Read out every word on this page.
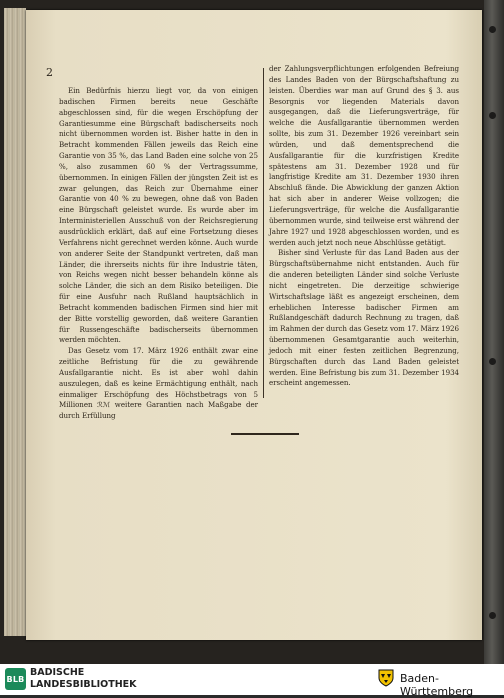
2

Ein Bedürfnis hierzu liegt vor, da von einigen badischen Firmen bereits neue Geschäfte abgeschlossen sind, für die wegen Erschöpfung der Garantiesumme eine Bürgschaft badischerseits noch nicht übernommen worden ist. Bisher hatte in den in Betracht kommenden Fällen jeweils das Reich eine Garantie von 35 %, das Land Baden eine solche von 25 %, also zusammen 60 % der Vertragssumme, übernommen. In einigen Fällen der jüngsten Zeit ist es zwar gelungen, das Reich zur Übernahme einer Garantie von 40 % zu bewegen, ohne daß von Baden eine Bürgschaft geleistet wurde. Es wurde aber im Interministeriellen Ausschuß von der Reichsregierung ausdrücklich erklärt, daß auf eine Fortsetzung dieses Verfahrens nicht gerechnet werden könne. Auch wurde von anderer Seite der Standpunkt vertreten, daß man Länder, die ihrerseits nichts für ihre Industrie täten, von Reichs wegen nicht besser behandeln könne als solche Länder, die sich an dem Risiko beteiligen. Die für eine Ausfuhr nach Rußland hauptsächlich in Betracht kommenden badischen Firmen sind hier mit der Bitte vorstellig geworden, daß weitere Garantien für Russengeschäfte badischerseits übernommen werden möchten.

Das Gesetz vom 17. März 1926 enthält zwar eine zeitliche Befristung für die zu gewährende Ausfallgarantie nicht. Es ist aber wohl dahin auszulegen, daß es keine Ermächtigung enthält, nach einmaliger Erschöpfung des Höchstbetrags von 5 Millionen ℛℳ weitere Garantien nach Maßgabe der durch Erfüllung

der Zahlungsverpflichtungen erfolgenden Befreiung des Landes Baden von der Bürgschaftshaftung zu leisten. Überdies war man auf Grund des § 3. aus Besorgnis vor liegenden Materials davon ausgegangen, daß die Lieferungsverträge, für welche die Ausfallgarantie übernommen werden sollte, bis zum 31. Dezember 1926 vereinbart sein würden, und daß dementsprechend die Ausfallgarantie für die kurzfristigen Kredite spätestens am 31. Dezember 1928 und für langfristige Kredite am 31. Dezember 1930 ihren Abschluß fände. Die Abwicklung der ganzen Aktion hat sich aber in anderer Weise vollzogen; die Lieferungsverträge, für welche die Ausfallgarantie übernommen wurde, sind teilweise erst während der Jahre 1927 und 1928 abgeschlossen worden, und es werden auch jetzt noch neue Abschlüsse getätigt.

Bisher sind Verluste für das Land Baden aus der Bürgschaftsübernahme nicht entstanden. Auch für die anderen beteiligten Länder sind solche Verluste nicht eingetreten. Die derzeitige schwierige Wirtschaftslage läßt es angezeigt erscheinen, dem erheblichen Interesse badischer Firmen am Rußlandgeschäft dadurch Rechnung zu tragen, daß im Rahmen der durch das Gesetz vom 17. März 1926 übernommenen Gesamtgarantie auch weiterhin, jedoch mit einer festen zeitlichen Begrenzung, Bürgschaften durch das Land Baden geleistet werden. Eine Befristung bis zum 31. Dezember 1934 erscheint angemessen.

BLB
BADISCHE
LANDESBIBLIOTHEK	Baden-Württemberg
